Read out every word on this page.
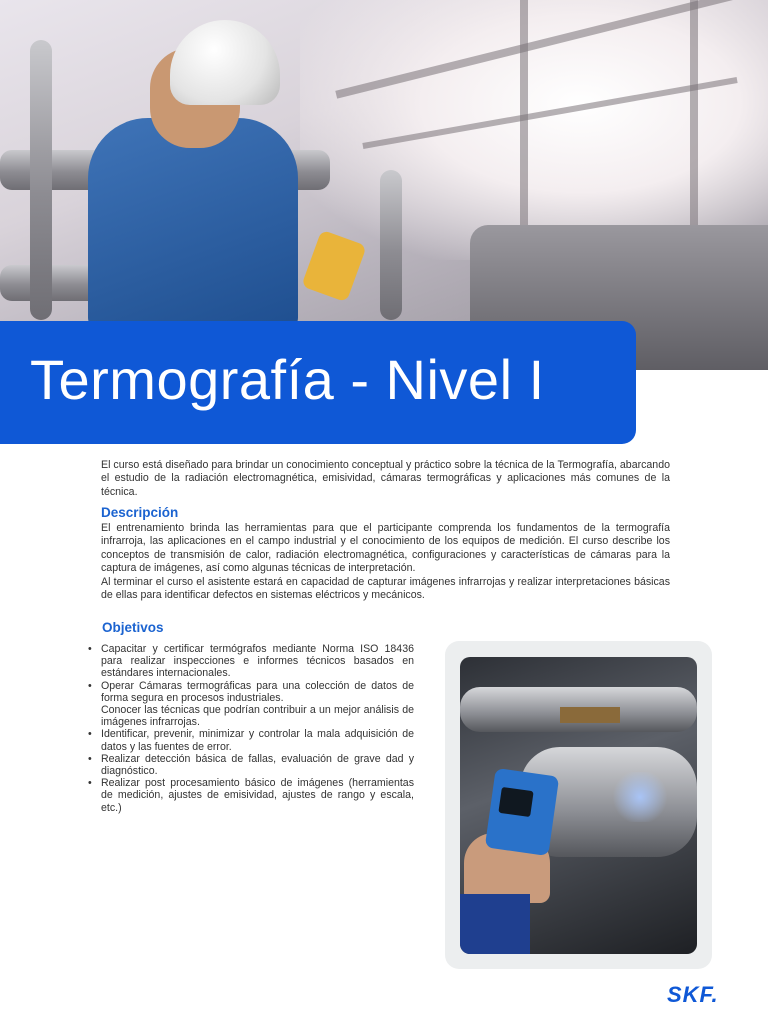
Termografía - Nivel I
El curso está diseñado para brindar un conocimiento conceptual y práctico sobre la técnica de la Termografía, abarcando el estudio de la radiación electromagnética, emisividad, cámaras termográficas y aplicaciones más comunes de la técnica.
Descripción

El entrenamiento brinda las herramientas para que el participante comprenda los fundamentos de la termografía infrarroja, las aplicaciones en el campo industrial y el conocimiento de los equipos de medición. El curso describe los conceptos de transmisión de calor, radiación electromagnética, configuraciones y características de cámaras para la captura de imágenes, así como algunas técnicas de interpretación.

Al terminar el curso el asistente estará en capacidad de capturar imágenes infrarrojas y realizar interpretaciones básicas de ellas para identificar defectos en sistemas eléctricos y mecánicos.

Objetivos
• Capacitar y certificar termógrafos mediante Norma ISO 18436 para realizar inspecciones e informes técnicos basados en estándares internacionales.
• Operar Cámaras termográficas para una colección de datos de forma segura en procesos industriales.
Conocer las técnicas que podrían contribuir a un mejor análisis de imágenes infrarrojas.
• Identificar, prevenir, minimizar y controlar la mala adquisición de datos y las fuentes de error.
• Realizar detección básica de fallas, evaluación de grave dad y diagnóstico.
• Realizar post procesamiento básico de imágenes (herramientas de medición, ajustes de emisividad, ajustes de rango y escala, etc.)
SKF.
